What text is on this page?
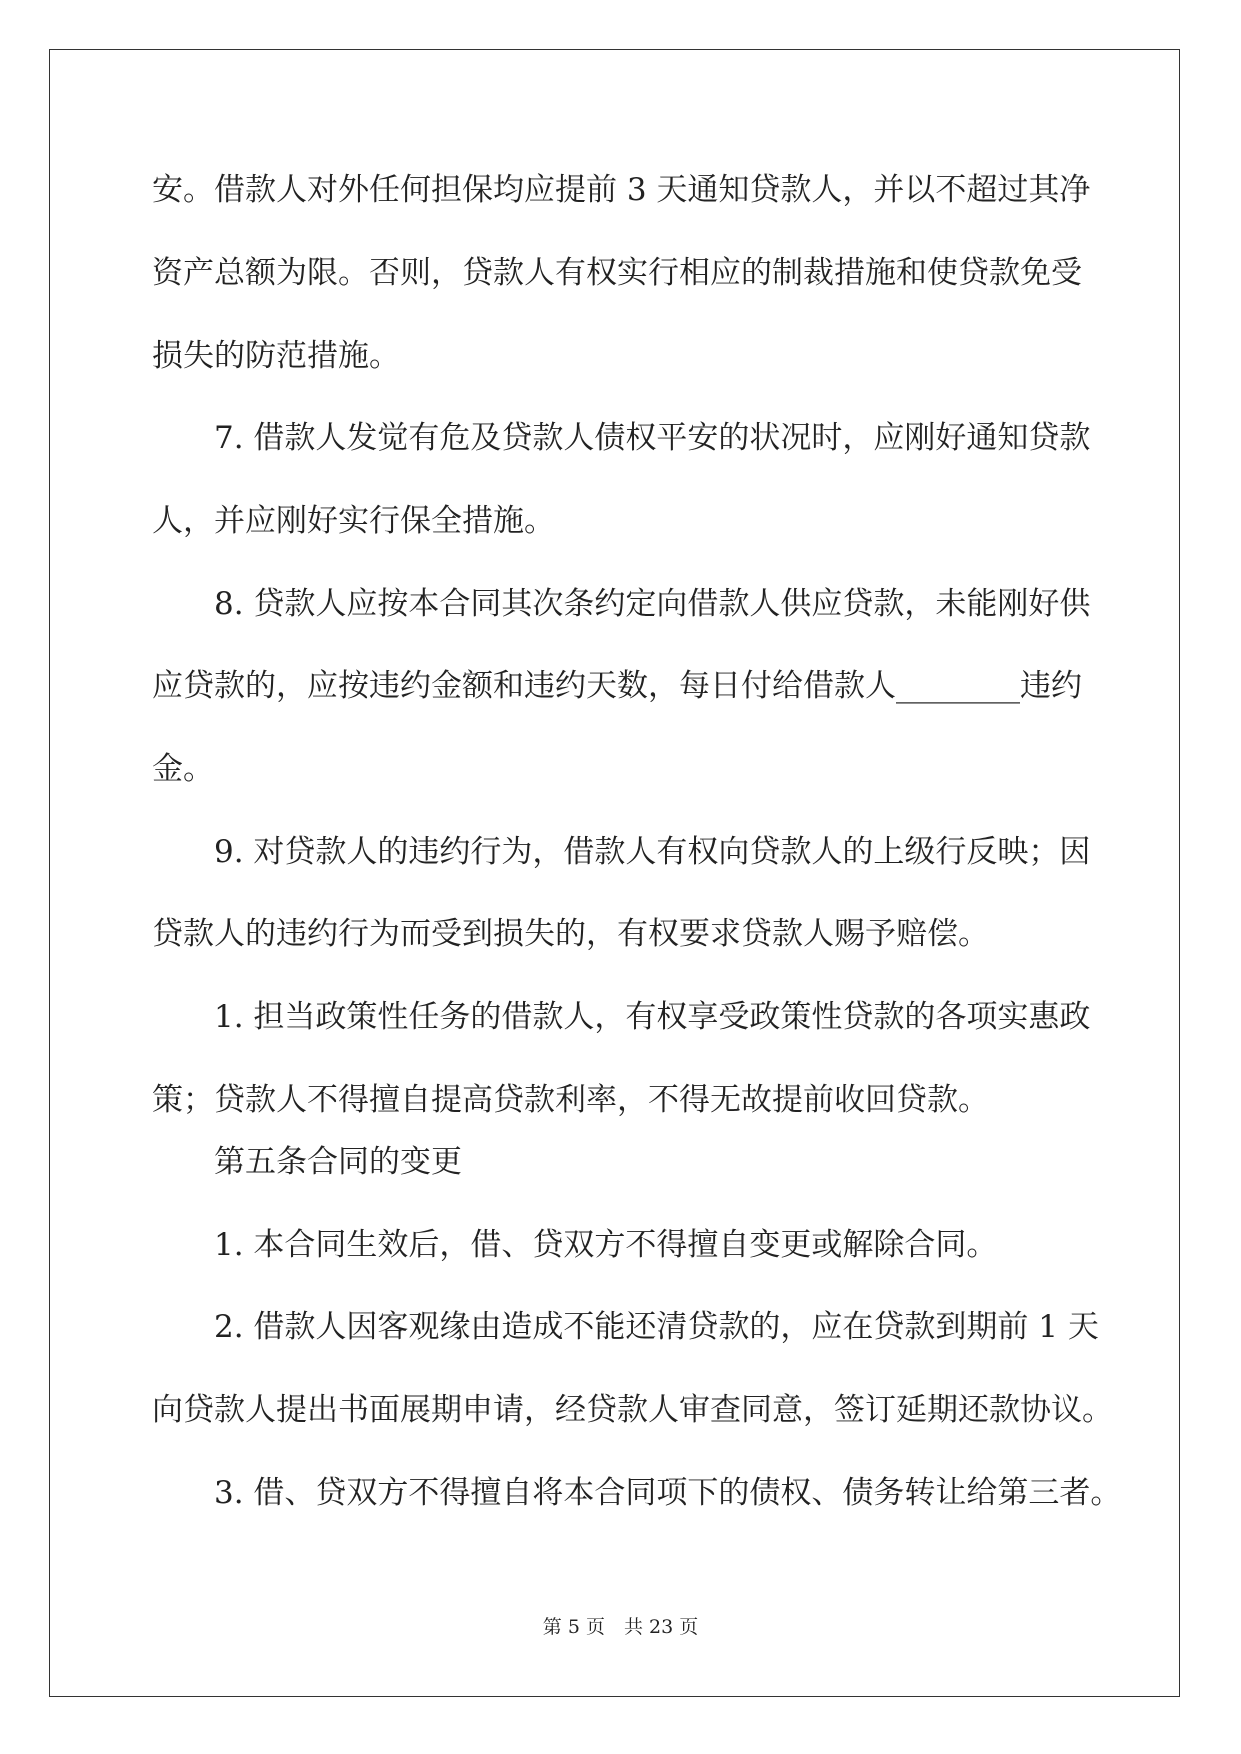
安。借款人对外任何担保均应提前 3 天通知贷款人，并以不超过其净

资产总额为限。否则，贷款人有权实行相应的制裁措施和使贷款免受

损失的防范措施。

7. 借款人发觉有危及贷款人债权平安的状况时，应刚好通知贷款

人，并应刚好实行保全措施。

8. 贷款人应按本合同其次条约定向借款人供应贷款，未能刚好供

应贷款的，应按违约金额和违约天数，每日付给借款人________违约

金。

9. 对贷款人的违约行为，借款人有权向贷款人的上级行反映；因

贷款人的违约行为而受到损失的，有权要求贷款人赐予赔偿。

1. 担当政策性任务的借款人，有权享受政策性贷款的各项实惠政

策；贷款人不得擅自提高贷款利率，不得无故提前收回贷款。

第五条合同的变更

1. 本合同生效后，借、贷双方不得擅自变更或解除合同。

2. 借款人因客观缘由造成不能还清贷款的，应在贷款到期前 1 天

向贷款人提出书面展期申请，经贷款人审查同意，签订延期还款协议。

3. 借、贷双方不得擅自将本合同项下的债权、债务转让给第三者。

第 5 页　共 23 页
